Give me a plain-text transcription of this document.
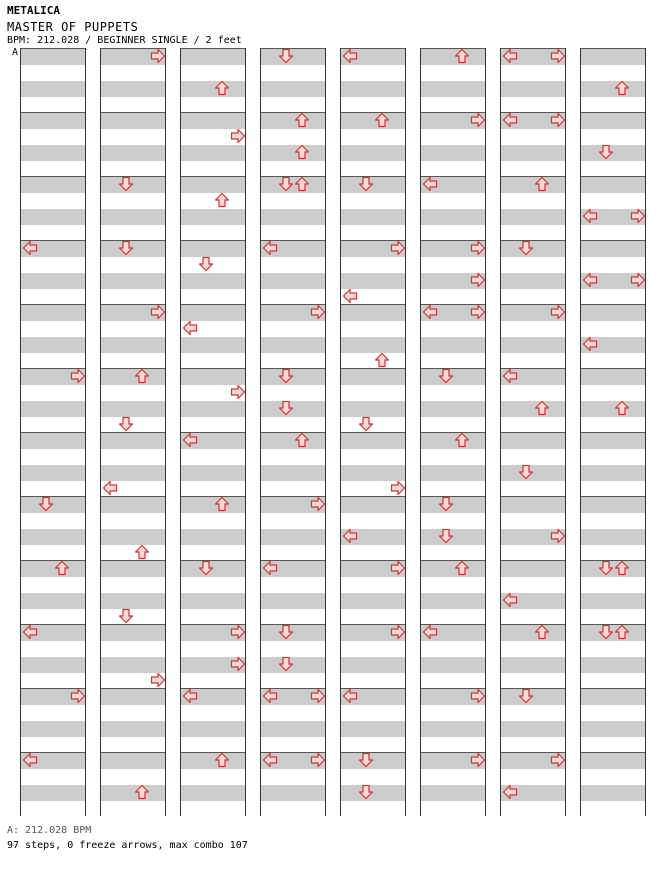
METALICA
MASTER OF PUPPETS
BPM: 212.028 / BEGINNER SINGLE / 2 feet
A
A: 212.028 BPM
97 steps, 0 freeze arrows, max combo 107
